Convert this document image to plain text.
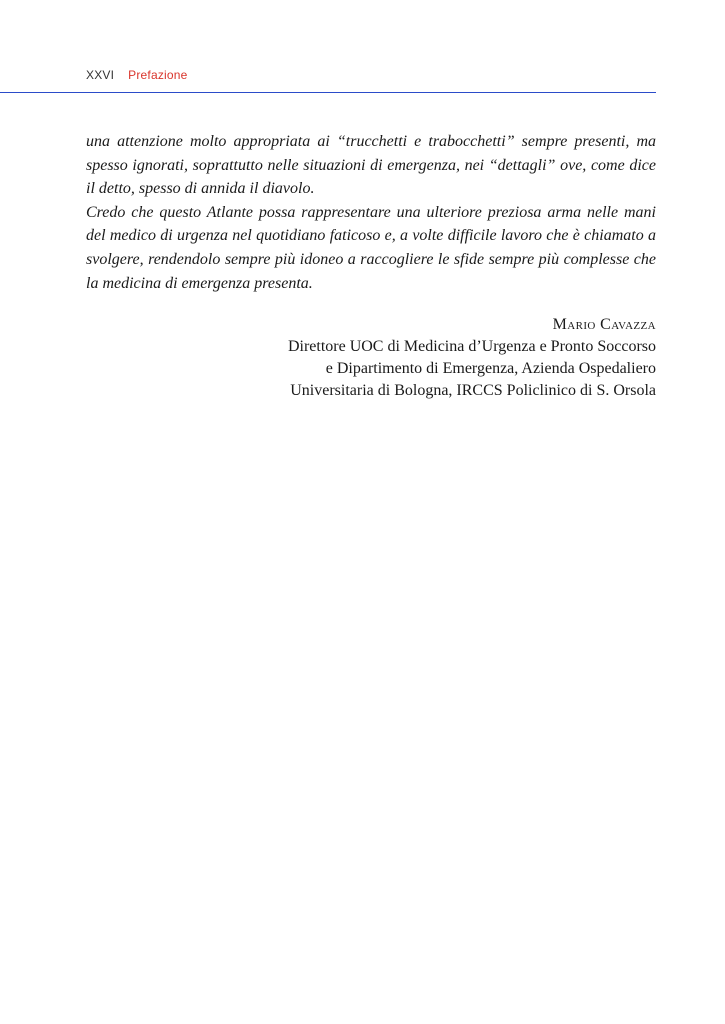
XXVI Prefazione

una attenzione molto appropriata ai “trucchetti e trabocchetti” sempre presenti, ma spesso ignorati, soprattutto nelle situazioni di emergenza, nei “dettagli” ove, come dice il detto, spesso di annida il diavolo.

Credo che questo Atlante possa rappresentare una ulteriore preziosa arma nelle mani del medico di urgenza nel quotidiano faticoso e, a volte difficile lavoro che è chiamato a svolgere, rendendolo sempre più idoneo a raccogliere le sfide sempre più complesse che la medicina di emergenza presenta.

Mario Cavazza
Direttore UOC di Medicina d’Urgenza e Pronto Soccorso
e Dipartimento di Emergenza, Azienda Ospedaliero
Universitaria di Bologna, IRCCS Policlinico di S. Orsola
